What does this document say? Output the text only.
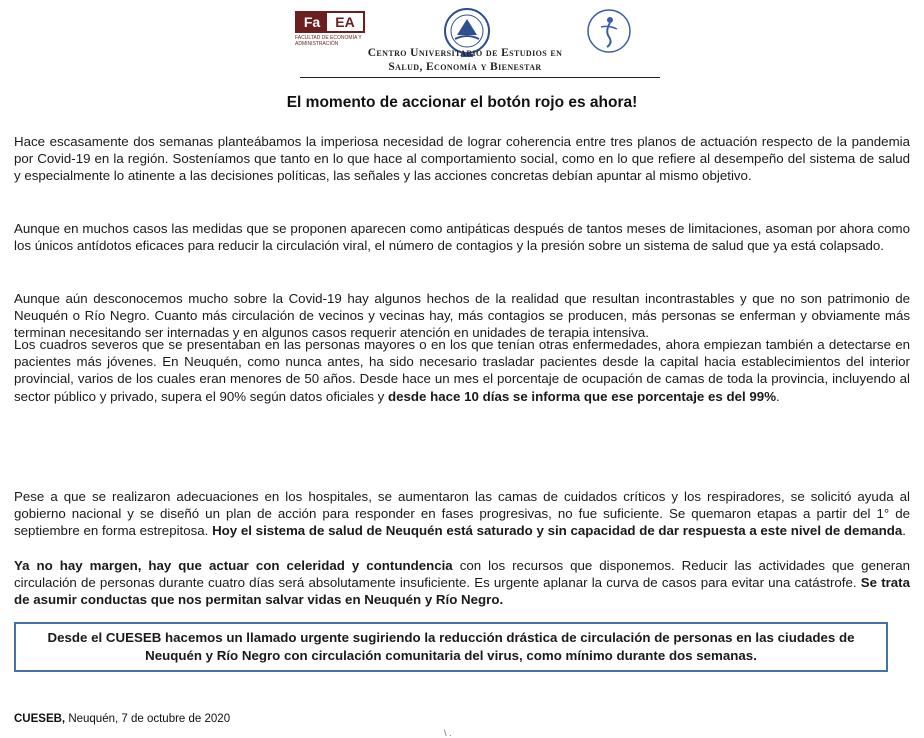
Fa	EA
FACULTAD DE ECONOMÍA Y ADMINISTRACIÓN
Centro Universitario de Estudios en
Salud, Economía y Bienestar
El momento de accionar el botón rojo es ahora!
Hace escasamente dos semanas planteábamos la imperiosa necesidad de lograr coherencia entre tres planos de actuación respecto de la pandemia por Covid-19 en la región. Sosteníamos que tanto en lo que hace al comportamiento social, como en lo que refiere al desempeño del sistema de salud y especialmente lo atinente a las decisiones políticas, las señales y las acciones concretas debían apuntar al mismo objetivo.
Aunque en muchos casos las medidas que se proponen aparecen como antipáticas después de tantos meses de limitaciones, asoman por ahora como los únicos antídotos eficaces para reducir la circulación viral, el número de contagios y la presión sobre un sistema de salud que ya está colapsado.
Aunque aún desconocemos mucho sobre la Covid-19 hay algunos hechos de la realidad que resultan incontrastables y que no son patrimonio de Neuquén o Río Negro. Cuanto más circulación de vecinos y vecinas hay, más contagios se producen, más personas se enferman y obviamente más terminan necesitando ser internadas y en algunos casos requerir atención en unidades de terapia intensiva.
Los cuadros severos que se presentaban en las personas mayores o en los que tenían otras enfermedades, ahora empiezan también a detectarse en pacientes más jóvenes. En Neuquén, como nunca antes, ha sido necesario trasladar pacientes desde la capital hacia establecimientos del interior provincial, varios de los cuales eran menores de 50 años. Desde hace un mes el porcentaje de ocupación de camas de toda la provincia, incluyendo al sector público y privado, supera el 90% según datos oficiales y desde hace 10 días se informa que ese porcentaje es del 99%.
Pese a que se realizaron adecuaciones en los hospitales, se aumentaron las camas de cuidados críticos y los respiradores, se solicitó ayuda al gobierno nacional y se diseñó un plan de acción para responder en fases progresivas, no fue suficiente. Se quemaron etapas a partir del 1° de septiembre en forma estrepitosa. Hoy el sistema de salud de Neuquén está saturado y sin capacidad de dar respuesta a este nivel de demanda.
Ya no hay margen, hay que actuar con celeridad y contundencia con los recursos que disponemos. Reducir las actividades que generan circulación de personas durante cuatro días será absolutamente insuficiente. Es urgente aplanar la curva de casos para evitar una catástrofe. Se trata de asumir conductas que nos permitan salvar vidas en Neuquén y Río Negro.
Desde el CUESEB hacemos un llamado urgente sugiriendo la reducción drástica de circulación de personas en las ciudades de Neuquén y Río Negro con circulación comunitaria del virus, como mínimo durante dos semanas.
CUESEB, Neuquén, 7 de octubre de 2020
\ .
